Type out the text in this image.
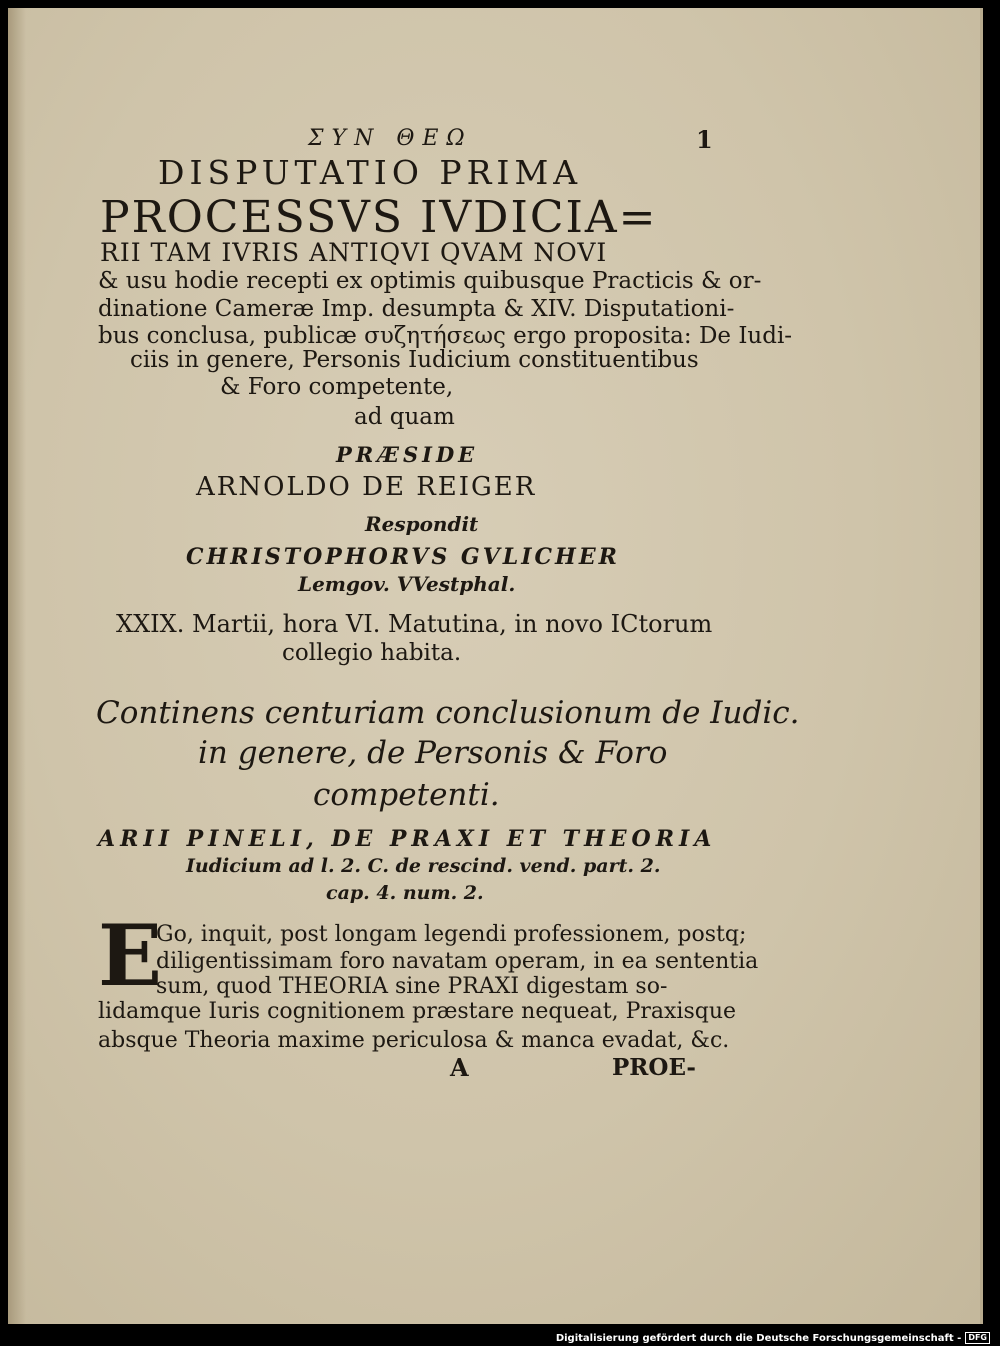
ΣΥΝ ΘΕΩ	1

DISPUTATIO PRIMA

PROCESSVS IVDICIA=

RII TAM IVRIS ANTIQVI QVAM NOVI

& usu hodie recepti ex optimis quibusque Practicis & or-

dinatione Cameræ Imp. desumpta & XIV. Disputationi-

bus conclusa, publicæ συζητήσεως ergo proposita: De Iudi-

ciis in genere, Personis Iudicium constituentibus

& Foro competente,

ad quam

PRÆSIDE

ARNOLDO DE REIGER

Respondit

CHRISTOPHORVS GVLICHER

Lemgov. VVestphal.

XXIX. Martii, hora VI. Matutina, in novo ICtorum

collegio habita.

Continens centuriam conclusionum de Iudic.

in genere, de Personis & Foro

competenti.

ARII PINELI, DE PRAXI ET THEORIA

Iudicium ad l. 2. C. de rescind. vend. part. 2.

cap. 4. num. 2.

E

Go, inquit, post longam legendi professionem, postq;

diligentissimam foro navatam operam, in ea sententia

sum, quod THEORIA sine PRAXI digestam so-

lidamque Iuris cognitionem præstare nequeat, Praxisque

absque Theoria maxime periculosa & manca evadat, &c.

A	PROE-

Digitalisierung gefördert durch die Deutsche Forschungsgemeinschaft - DFG
